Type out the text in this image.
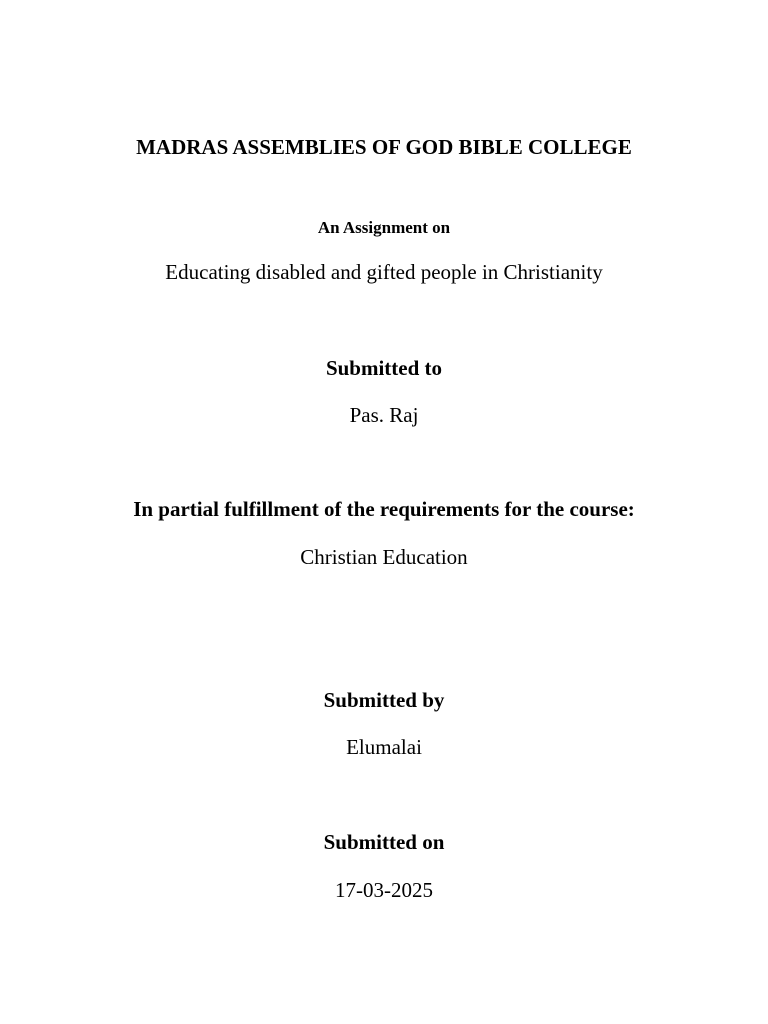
MADRAS ASSEMBLIES OF GOD BIBLE COLLEGE
An Assignment on
Educating disabled and gifted people in Christianity
Submitted to
Pas. Raj
In partial fulfillment of the requirements for the course:
Christian Education
Submitted by
Elumalai
Submitted on
17-03-2025
